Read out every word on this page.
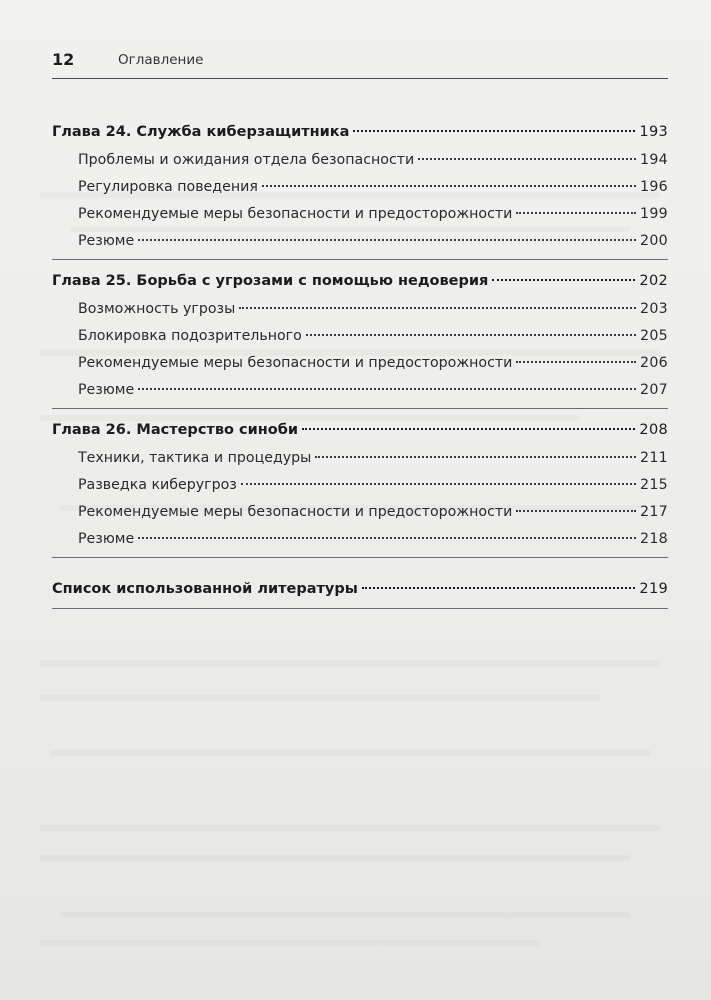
12	Оглавление
Глава 24. Служба киберзащитника	193
Проблемы и ожидания отдела безопасности	194
Регулировка поведения	196
Рекомендуемые меры безопасности и предосторожности	199
Резюме	200
Глава 25. Борьба с угрозами с помощью недоверия	202
Возможность угрозы	203
Блокировка подозрительного	205
Рекомендуемые меры безопасности и предосторожности	206
Резюме	207
Глава 26. Мастерство синоби	208
Техники, тактика и процедуры	211
Разведка киберугроз	215
Рекомендуемые меры безопасности и предосторожности	217
Резюме	218
Список использованной литературы	219
